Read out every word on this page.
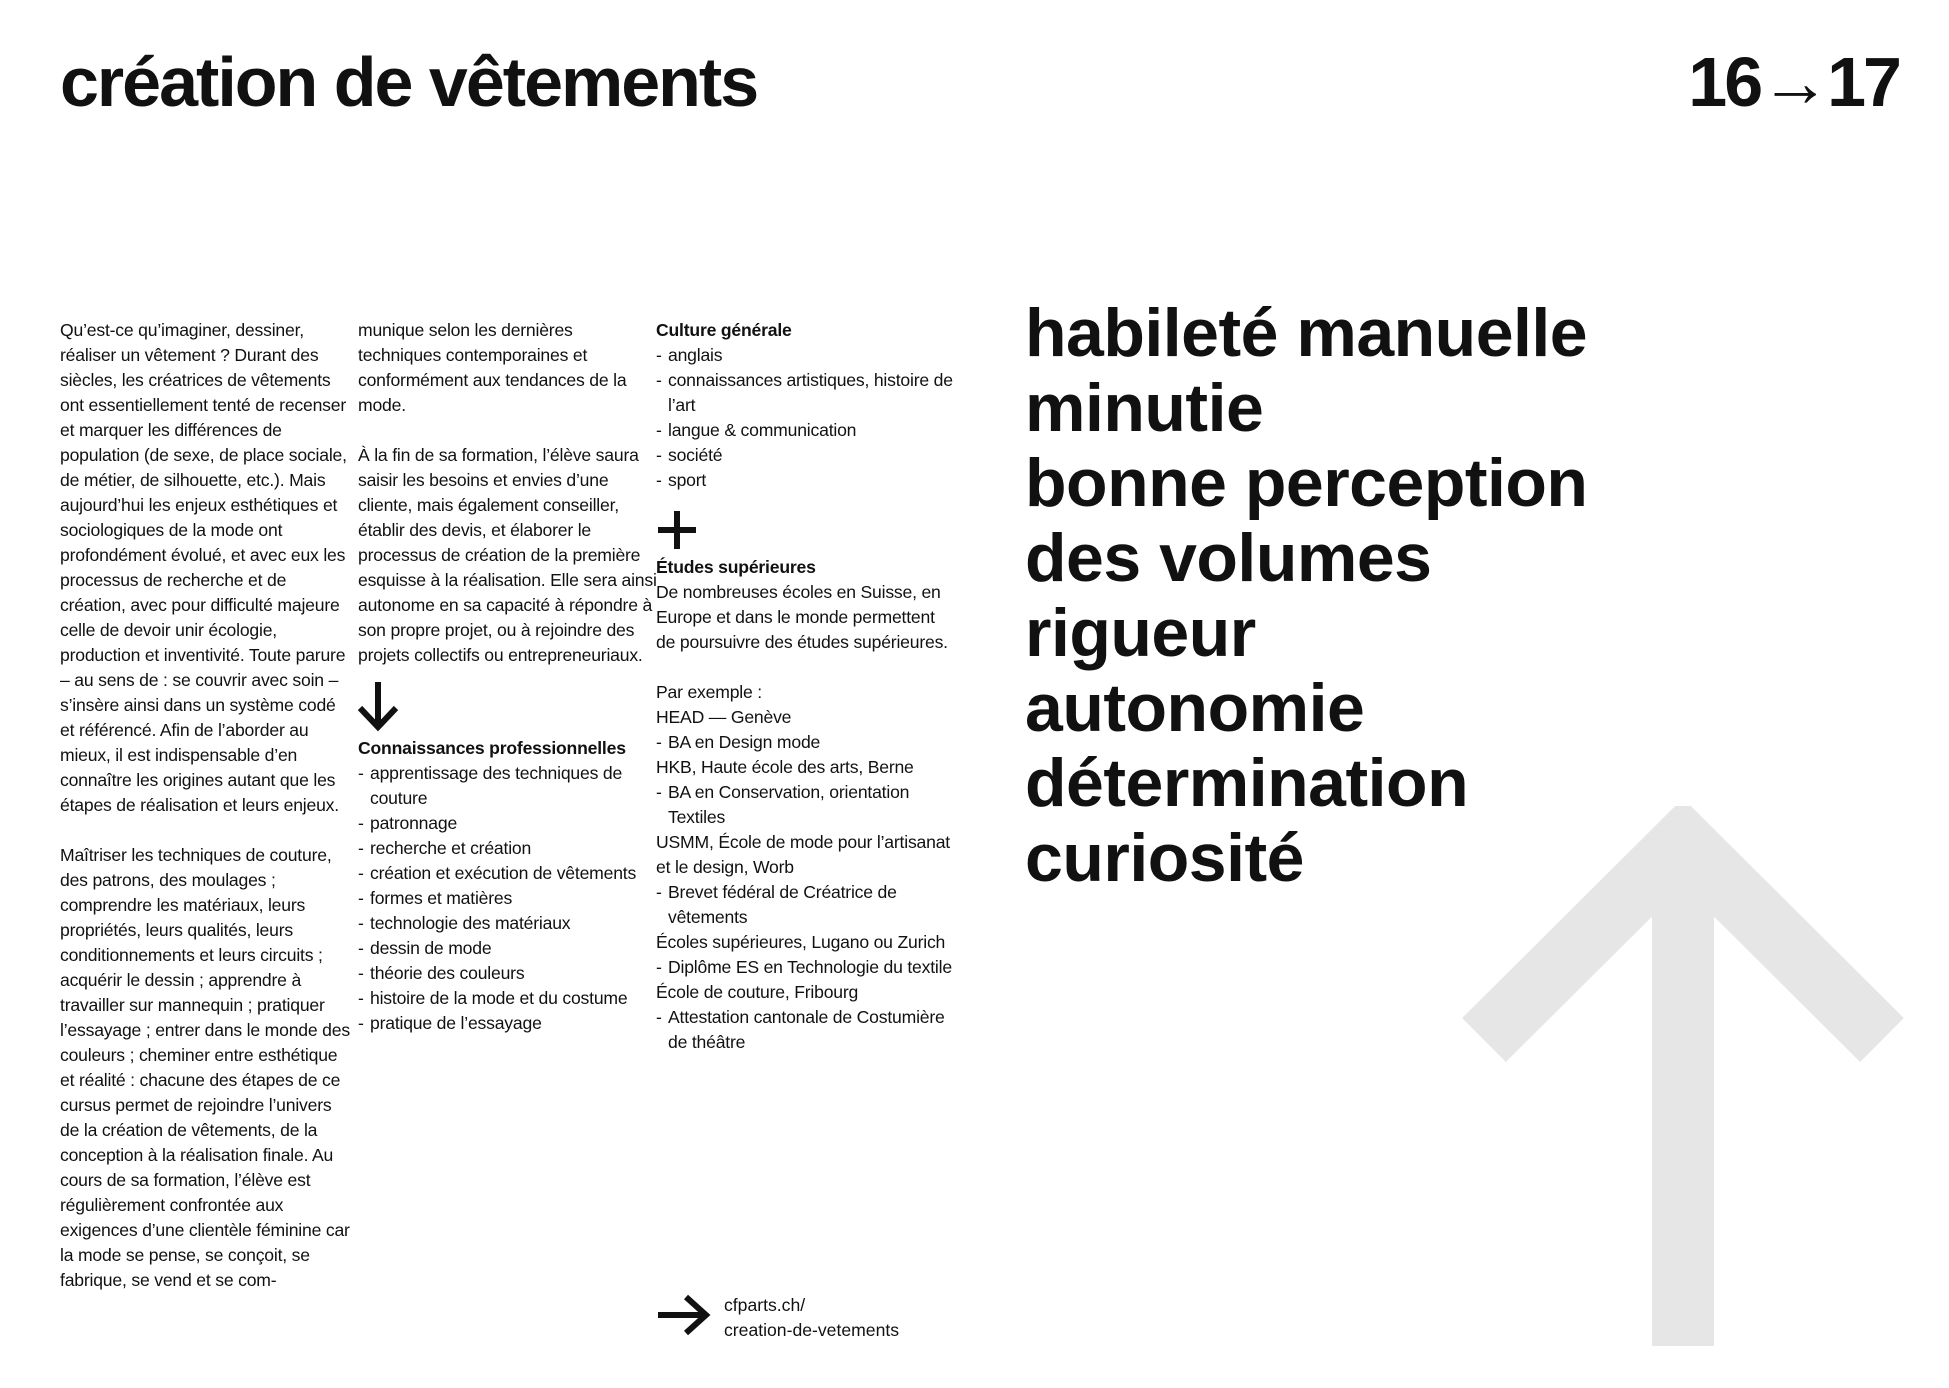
création de vêtements	16→17

Qu’est-ce qu’imaginer, dessiner, réaliser un vêtement ? Durant des siècles, les créatrices de vêtements ont essentiellement tenté de recenser et marquer les différences de population (de sexe, de place sociale, de métier, de silhouette, etc.). Mais aujourd’hui les enjeux esthétiques et sociologiques de la mode ont profondément évolué, et avec eux les processus de recherche et de création, avec pour difficulté majeure celle de devoir unir écologie, production et inventivité. Toute parure – au sens de : se couvrir avec soin – s’insère ainsi dans un système codé et référencé. Afin de l’aborder au mieux, il est indispensable d’en connaître les origines autant que les étapes de réalisation et leurs enjeux.

Maîtriser les techniques de couture, des patrons, des moulages ; comprendre les matériaux, leurs propriétés, leurs qualités, leurs conditionnements et leurs circuits ; acquérir le dessin ; apprendre à travailler sur mannequin ; pratiquer l’essayage ; entrer dans le monde des couleurs ; cheminer entre esthétique et réalité : chacune des étapes de ce cursus permet de rejoindre l’univers de la création de vêtements, de la conception à la réalisation finale. Au cours de sa formation, l’élève est régulièrement confrontée aux exigences d’une clientèle féminine car la mode se pense, se conçoit, se fabrique, se vend et se com-

munique selon les dernières techniques contemporaines et conformément aux tendances de la mode.

À la fin de sa formation, l’élève saura saisir les besoins et envies d’une cliente, mais également conseiller, établir des devis, et élaborer le processus de création de la première esquisse à la réalisation. Elle sera ainsi autonome en sa capacité à répondre à son propre projet, ou à rejoindre des projets collectifs ou entrepreneuriaux.

Connaissances professionnelles
- apprentissage des techniques de couture
- patronnage
- recherche et création
- création et exécution de vêtements
- formes et matières
- technologie des matériaux
- dessin de mode
- théorie des couleurs
- histoire de la mode et du costume
- pratique de l’essayage
Culture générale
- anglais
- connaissances artistiques, histoire de l’art
- langue & communication
- société
- sport
Études supérieures

De nombreuses écoles en Suisse, en Europe et dans le monde permettent de poursuivre des études supérieures.

Par exemple :

HEAD — Genève
- BA en Design mode
HKB, Haute école des arts, Berne
- BA en Conservation, orientation Textiles
USMM, École de mode pour l’artisanat et le design, Worb
- Brevet fédéral de Créatrice de vêtements
Écoles supérieures, Lugano ou Zurich
- Diplôme ES en Technologie du textile
École de couture, Fribourg
- Attestation cantonale de Costumière de théâtre
cfparts.ch/
creation-de-vetements
habileté manuelle
minutie
bonne perception
des volumes
rigueur
autonomie
détermination
curiosité
